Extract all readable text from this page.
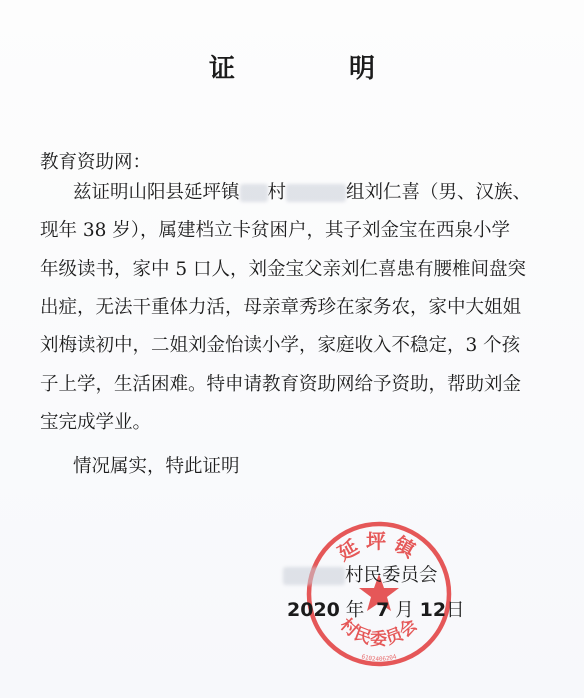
证　明
教育资助网：
兹证明山阳县延坪镇 村	组刘仁喜（男、汉族、
现年 38 岁），属建档立卡贫困户，其子刘金宝在西泉小学
年级读书，家中 5 口人，刘金宝父亲刘仁喜患有腰椎间盘突
出症，无法干重体力活，母亲章秀珍在家务农，家中大姐姐
刘梅读初中，二姐刘金怡读小学，家庭收入不稳定，3 个孩
子上学，生活困难。特申请教育资助网给予资助，帮助刘金
宝完成学业。
情况属实，特此证明
延坪镇
村民委员会
6102406204
村民委员会
2020 年 7 月 12日
